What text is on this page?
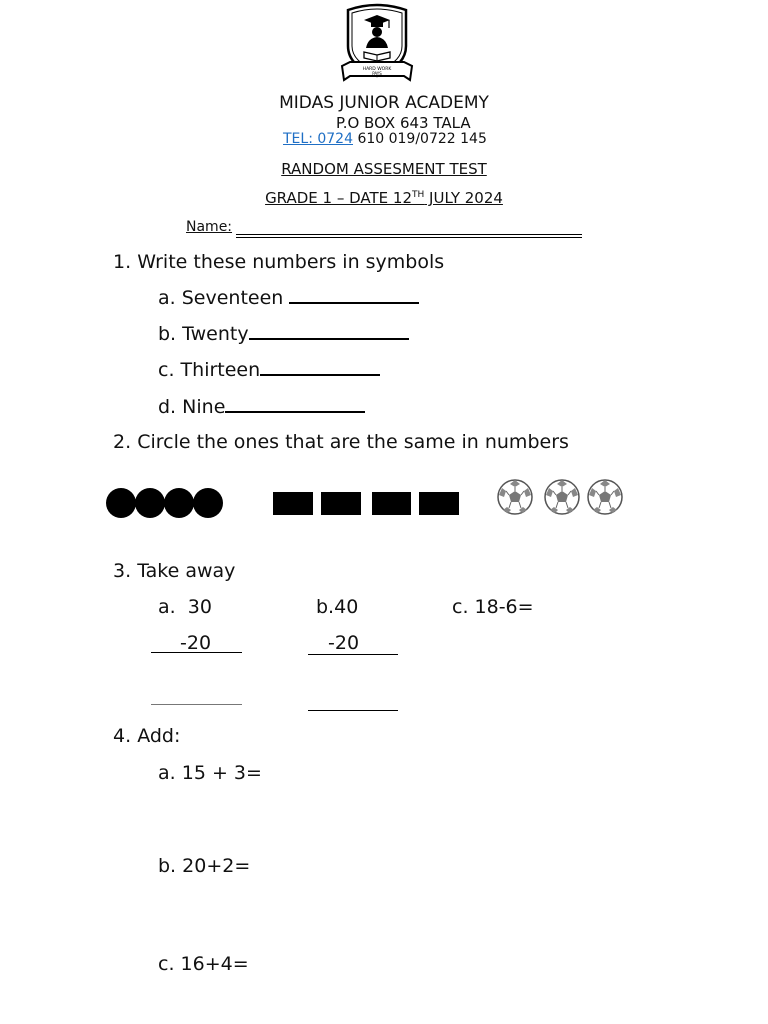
HARD WORK
PAYS
MIDAS JUNIOR ACADEMY
P.O BOX 643 TALA
TEL: 0724 610 019/0722 145
RANDOM ASSESMENT TEST
GRADE 1 – DATE 12TH JULY 2024
Name:
1. Write these numbers in symbols
a. Seventeen
b. Twenty
c. Thirteen
d. Nine
2. Circle the ones that are the same in numbers
3. Take away
a. 30	b.40	c. 18-6=
-20	-20
4. Add:
a. 15 + 3=
b. 20+2=
c. 16+4=
